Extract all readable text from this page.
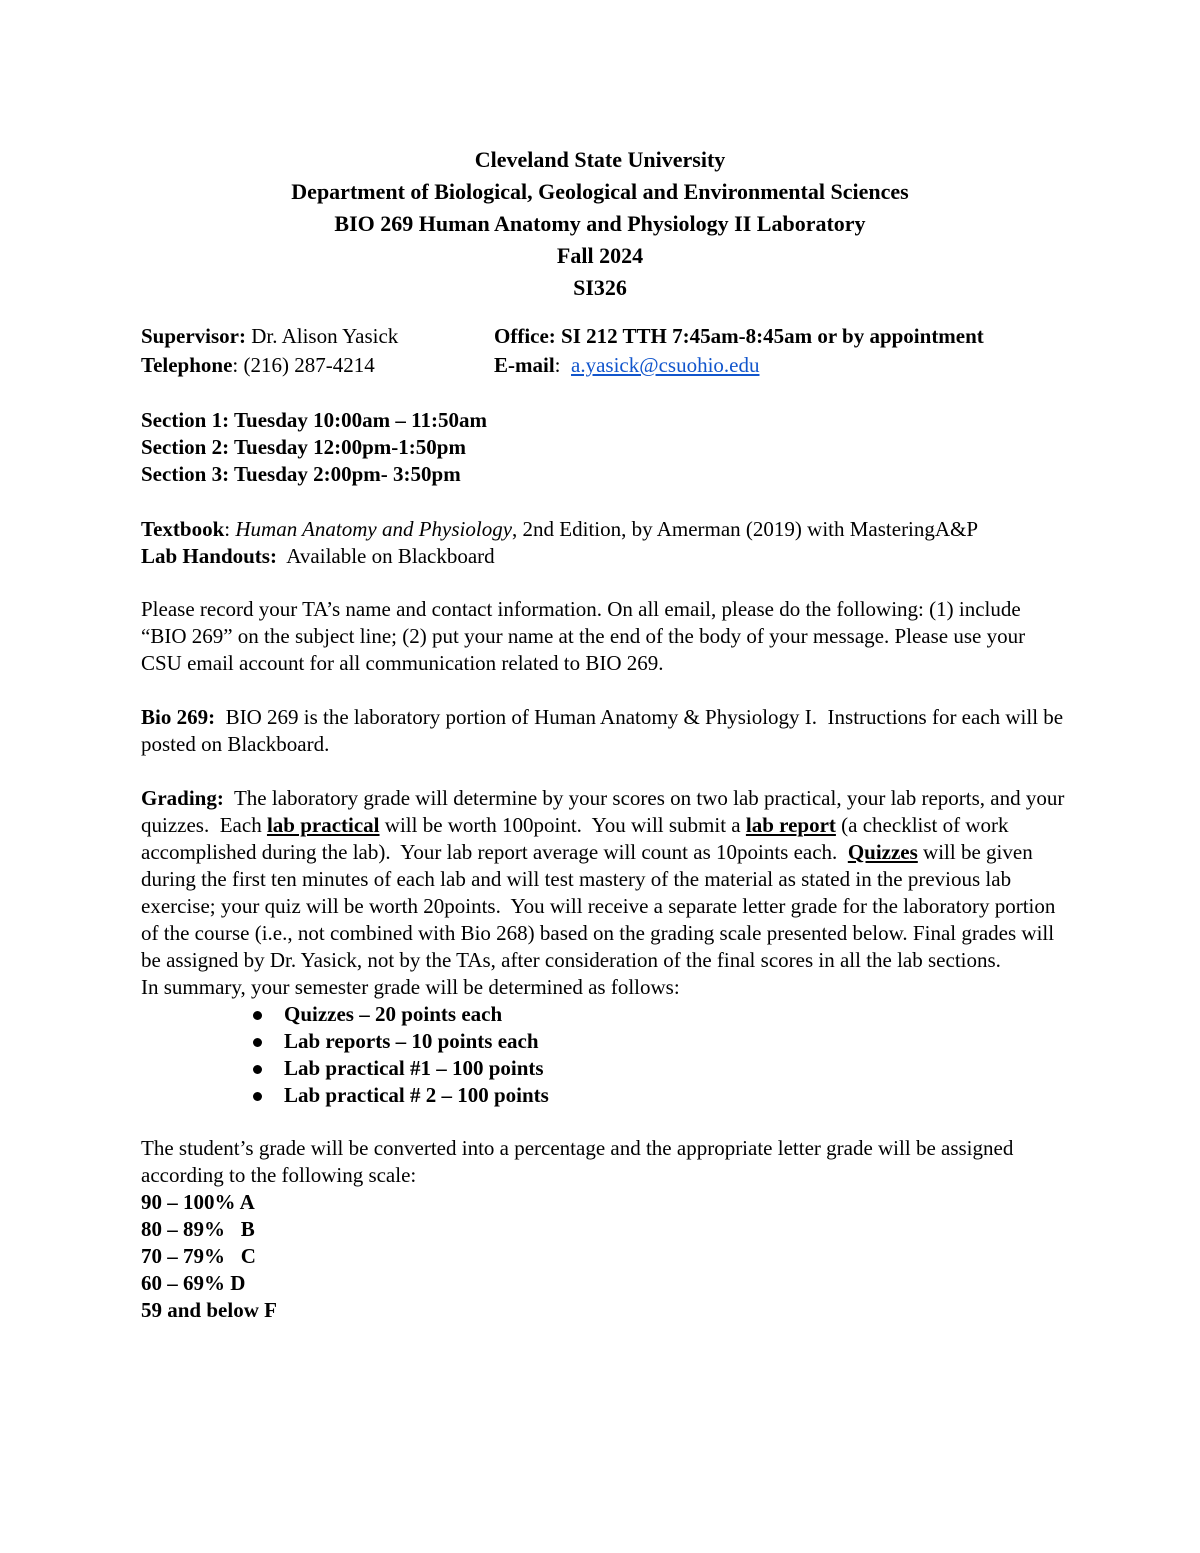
Cleveland State University
Department of Biological, Geological and Environmental Sciences
BIO 269 Human Anatomy and Physiology II Laboratory
Fall 2024
SI326
Supervisor: Dr. Alison Yasick	Office: SI 212 TTH 7:45am-8:45am or by appointment
Telephone: (216) 287-4214	E-mail:  a.yasick@csuohio.edu
Section 1: Tuesday 10:00am – 11:50am
Section 2: Tuesday 12:00pm-1:50pm
Section 3: Tuesday 2:00pm- 3:50pm

Textbook: Human Anatomy and Physiology, 2nd Edition, by Amerman (2019) with MasteringA&P

Lab Handouts:  Available on Blackboard

Please record your TA’s name and contact information. On all email, please do the following: (1) include “BIO 269” on the subject line; (2) put your name at the end of the body of your message. Please use your CSU email account for all communication related to BIO 269.

Bio 269:  BIO 269 is the laboratory portion of Human Anatomy & Physiology I.  Instructions for each will be posted on Blackboard.

Grading:  The laboratory grade will determine by your scores on two lab practical, your lab reports, and your quizzes.  Each lab practical will be worth 100point.  You will submit a lab report (a checklist of work accomplished during the lab).  Your lab report average will count as 10points each.  Quizzes will be given during the first ten minutes of each lab and will test mastery of the material as stated in the previous lab exercise; your quiz will be worth 20points.  You will receive a separate letter grade for the laboratory portion of the course (i.e., not combined with Bio 268) based on the grading scale presented below. Final grades will be assigned by Dr. Yasick, not by the TAs, after consideration of the final scores in all the lab sections.

In summary, your semester grade will be determined as follows:

Quizzes – 20 points each
Lab reports – 10 points each
Lab practical #1 – 100 points
Lab practical # 2 – 100 points

The student’s grade will be converted into a percentage and the appropriate letter grade will be assigned according to the following scale:

90 – 100% A
80 – 89%   B
70 – 79%   C
60 – 69% D
59 and below F
